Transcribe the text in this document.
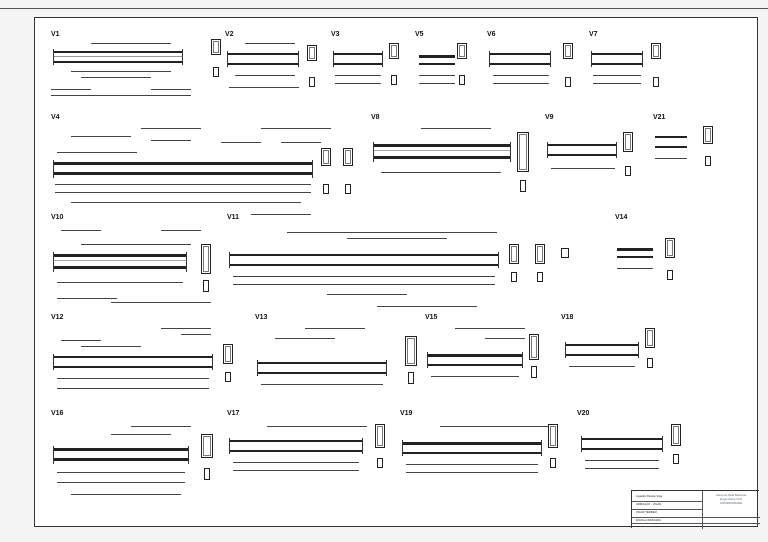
V1	V2	V3	V5	V6	V7
V4	V8	V9	V21
V10	V11	V14
V12	V13	V15	V18
V16	V17	V19	V20
Ligação Parede-Viga
ARMAÇÃO - VIGAS
VIGAS TÉRREO
ESCALA INDICADA
Campus Alias Barbosa
Engenharia Civil
UNIVERSIDADE
